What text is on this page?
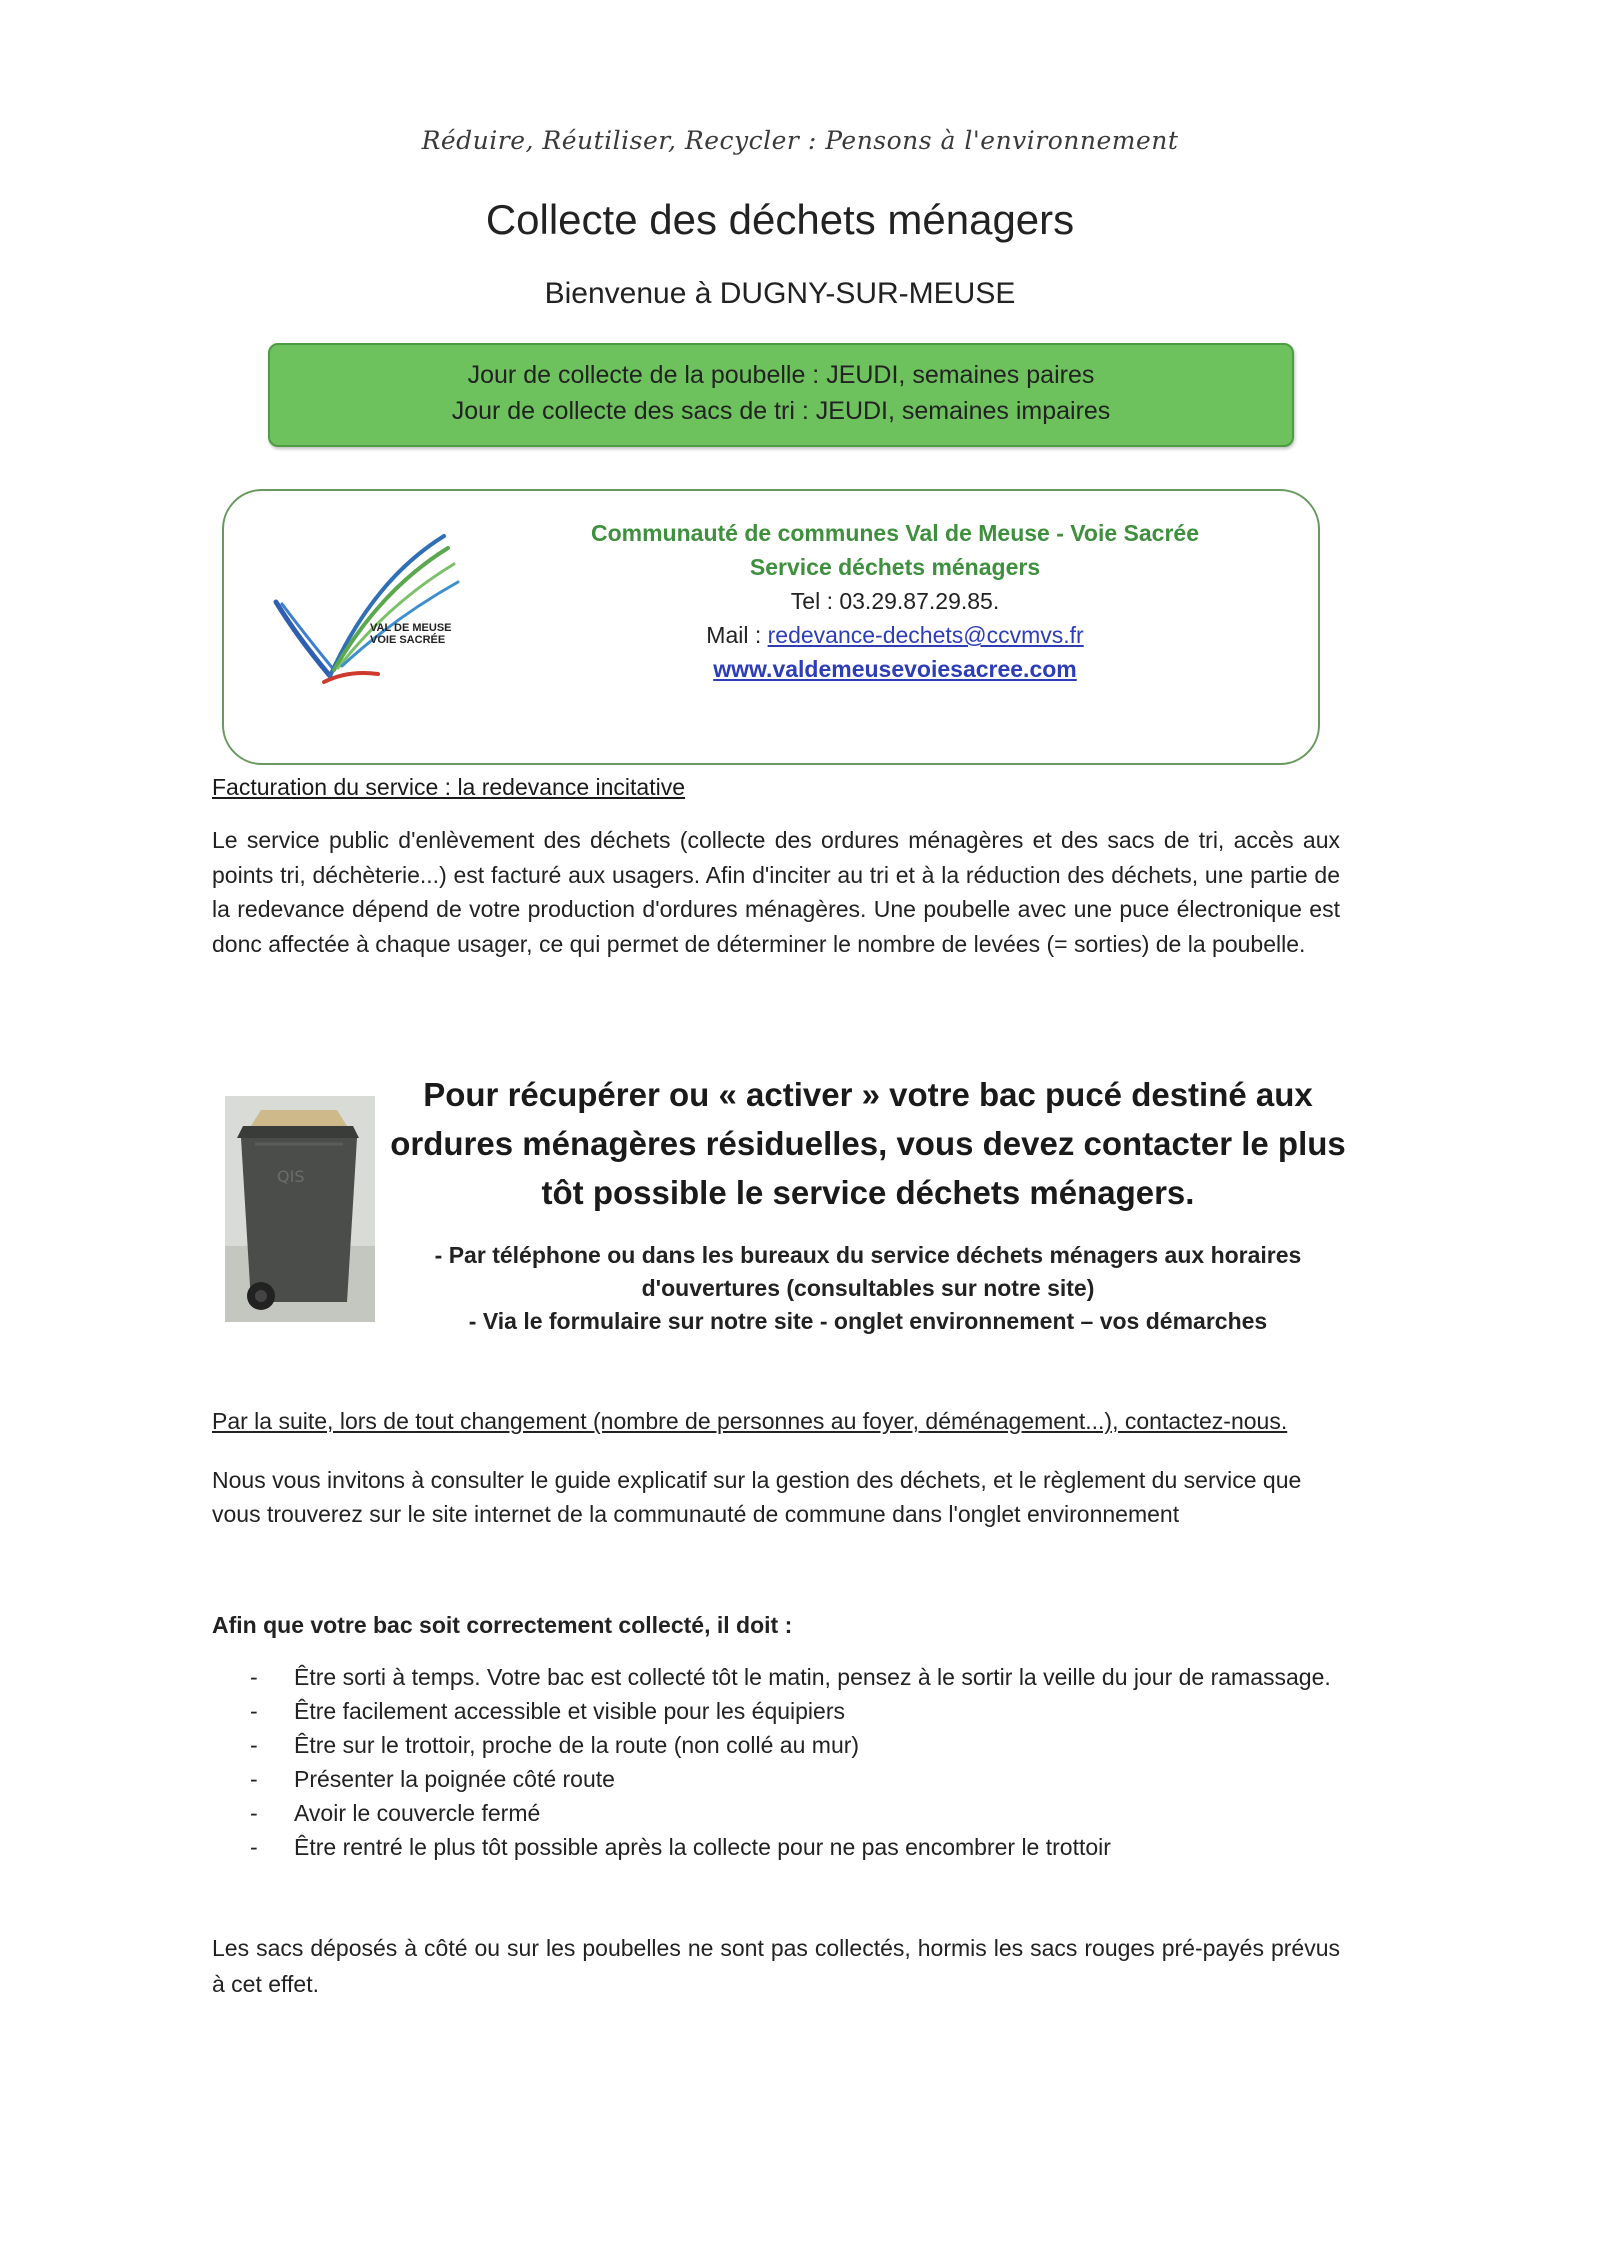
Réduire, Réutiliser, Recycler : Pensons à l'environnement
Collecte des déchets ménagers
Bienvenue à DUGNY-SUR-MEUSE
Jour de collecte de la poubelle : JEUDI, semaines paires
Jour de collecte des sacs de tri : JEUDI, semaines impaires
VAL DE MEUSE VOIE SACRÉE
Communauté de communes Val de Meuse - Voie Sacrée
Service déchets ménagers
Tel : 03.29.87.29.85.
Mail : redevance-dechets@ccvmvs.fr
www.valdemeusevoiesacree.com
Facturation du service : la redevance incitative
Le service public d'enlèvement des déchets (collecte des ordures ménagères et des sacs de tri, accès aux points tri, déchèterie...) est facturé aux usagers. Afin d'inciter au tri et à la réduction des déchets, une partie de la redevance dépend de votre production d'ordures ménagères. Une poubelle avec une puce électronique est donc affectée à chaque usager, ce qui permet de déterminer le nombre de levées (= sorties) de la poubelle.
QIS
Pour récupérer ou « activer » votre bac pucé destiné aux ordures ménagères résiduelles, vous devez contacter le plus tôt possible le service déchets ménagers.
- Par téléphone ou dans les bureaux du service déchets ménagers aux horaires d'ouvertures (consultables sur notre site)
- Via le formulaire sur notre site - onglet environnement – vos démarches
Par la suite, lors de tout changement (nombre de personnes au foyer, déménagement...), contactez-nous.
Nous vous invitons à consulter le guide explicatif sur la gestion des déchets, et le règlement du service que vous trouverez sur le site internet de la communauté de commune dans l'onglet environnement
Afin que votre bac soit correctement collecté, il doit :
- Être sorti à temps. Votre bac est collecté tôt le matin, pensez à le sortir la veille du jour de ramassage.
- Être facilement accessible et visible pour les équipiers
- Être sur le trottoir, proche de la route (non collé au mur)
- Présenter la poignée côté route
- Avoir le couvercle fermé
- Être rentré le plus tôt possible après la collecte pour ne pas encombrer le trottoir
Les sacs déposés à côté ou sur les poubelles ne sont pas collectés, hormis les sacs rouges pré-payés prévus à cet effet.
